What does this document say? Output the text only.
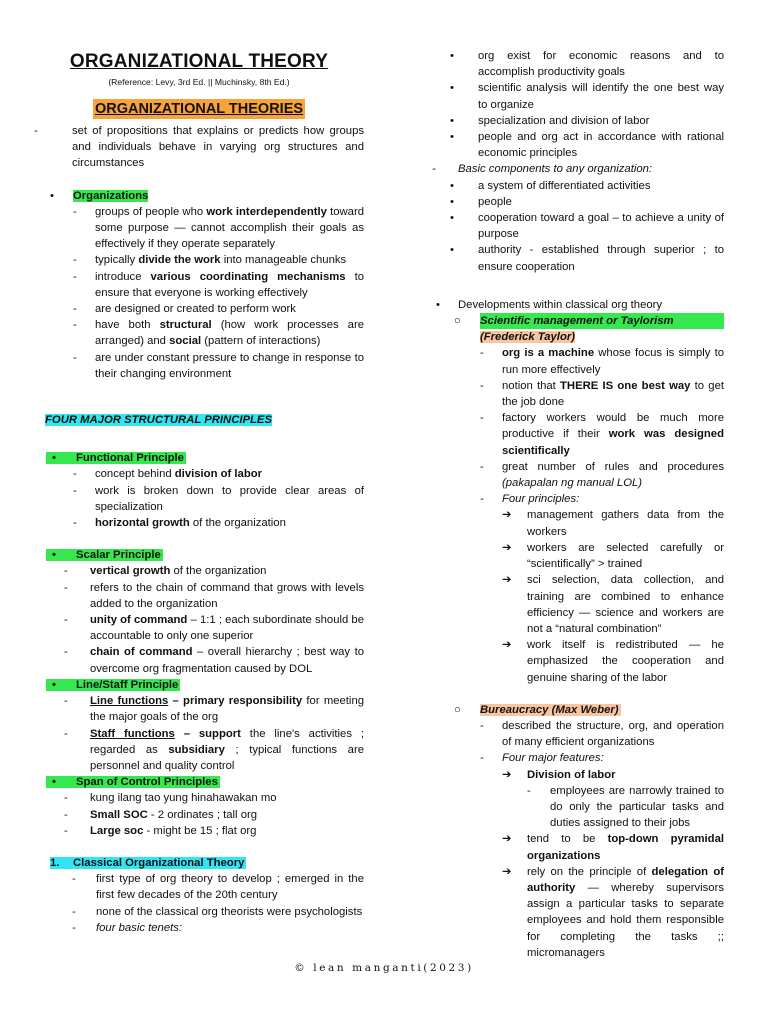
ORGANIZATIONAL THEORY
(Reference: Levy, 3rd Ed. || Muchinsky, 8th Ed.)
ORGANIZATIONAL THEORIES
-	set of propositions that explains or predicts how groups and individuals behave in varying org structures and circumstances
•	Organizations
-	groups of people who work interdependently toward some purpose — cannot accomplish their goals as effectively if they operate separately
-	typically divide the work into manageable chunks
-	introduce various coordinating mechanisms to ensure that everyone is working effectively
-	are designed or created to perform work
-	have both structural (how work processes are arranged) and social (pattern of interactions)
-	are under constant pressure to change in response to their changing environment
FOUR MAJOR STRUCTURAL PRINCIPLES
• Functional Principle
-	concept behind division of labor
-	work is broken down to provide clear areas of specialization
-	horizontal growth of the organization
• Scalar Principle
-	vertical growth of the organization
-	refers to the chain of command that grows with levels added to the organization
-	unity of command – 1:1 ; each subordinate should be accountable to only one superior
-	chain of command – overall hierarchy ; best way to overcome org fragmentation caused by DOL
• Line/Staff Principle
-	Line functions – primary responsibility for meeting the major goals of the org
-	Staff functions – support the line's activities ; regarded as subsidiary ; typical functions are personnel and quality control
• Span of Control Principles
-	kung ilang tao yung hinahawakan mo
-	Small SOC - 2 ordinates ; tall org
-	Large soc - might be 15 ; flat org
1. Classical Organizational Theory
-	first type of org theory to develop ; emerged in the first few decades of the 20th century
-	none of the classical org theorists were psychologists
-	four basic tenets:
•	org exist for economic reasons and to accomplish productivity goals
•	scientific analysis will identify the one best way to organize
•	specialization and division of labor
•	people and org act in accordance with rational economic principles
-	Basic components to any organization:
•	a system of differentiated activities
•	people
•	cooperation toward a goal – to achieve a unity of purpose
•	authority - established through superior ; to ensure cooperation
•	Developments within classical org theory
○	Scientific management or Taylorism
(Frederick Taylor)
-	org is a machine whose focus is simply to run more effectively
-	notion that THERE IS one best way to get the job done
-	factory workers would be much more productive if their work was designed scientifically
-	great number of rules and procedures (pakapalan ng manual LOL)
-	Four principles:
➔	management gathers data from the workers
➔	workers are selected carefully or “scientifically” > trained
➔	sci selection, data collection, and training are combined to enhance efficiency — science and workers are not a “natural combination”
➔	work itself is redistributed — he emphasized the cooperation and genuine sharing of the labor
○	Bureaucracy (Max Weber)
-	described the structure, org, and operation of many efficient organizations
-	Four major features:
➔	Division of labor
-	employees are narrowly trained to do only the particular tasks and duties assigned to their jobs
➔	tend to be top-down pyramidal organizations
➔	rely on the principle of delegation of authority — whereby supervisors assign a particular tasks to separate employees and hold them responsible for completing the tasks ;; micromanagers
© lean manganti(2023)
